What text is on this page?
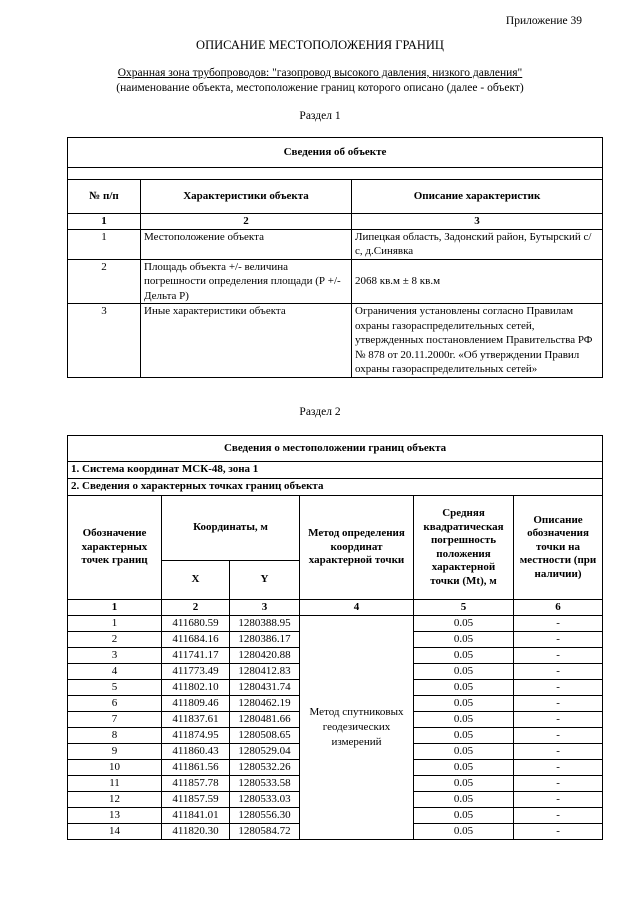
Приложение 39
ОПИСАНИЕ МЕСТОПОЛОЖЕНИЯ ГРАНИЦ
Охранная зона трубопроводов: "газопровод высокого давления, низкого давления"
(наименование объекта, местоположение границ которого описано (далее - объект)
Раздел 1
Сведения об объекте		

№ п/п	Характеристики объекта	Описание характеристик
1	2	3
1	Местоположение объекта	Липецкая область, Задонский район, Бутырский с/с, д.Синявка
2	Площадь объекта +/- величина погрешности определения площади (Р +/- Дельта Р)	2068 кв.м ± 8 кв.м
3	Иные характеристики объекта	Ограничения установлены согласно Правилам охраны газораспределительных сетей, утвержденных постановлением Правительства РФ № 878 от 20.11.2000г. «Об утверждении Правил охраны газораспределительных сетей»
Раздел 2
Сведения о местоположении границ объекта					
1. Система координат МСК-48, зона 1					
2. Сведения о характерных точках границ объекта					
Обозначение характерных точек границ	Координаты, м		Метод определения координат характерной точки	Средняя квадратическая погрешность положения характерной точки (Mt), м	Описание обозначения точки на местности (при наличии)
	X	Y			
1	2	3	4	5	6
1	411680.59	1280388.95	Метод спутниковых геодезических измерений	0.05	-
2	411684.16	1280386.17		0.05	-
3	411741.17	1280420.88		0.05	-
4	411773.49	1280412.83		0.05	-
5	411802.10	1280431.74		0.05	-
6	411809.46	1280462.19		0.05	-
7	411837.61	1280481.66		0.05	-
8	411874.95	1280508.65		0.05	-
9	411860.43	1280529.04		0.05	-
10	411861.56	1280532.26		0.05	-
11	411857.78	1280533.58		0.05	-
12	411857.59	1280533.03		0.05	-
13	411841.01	1280556.30		0.05	-
14	411820.30	1280584.72		0.05	-
